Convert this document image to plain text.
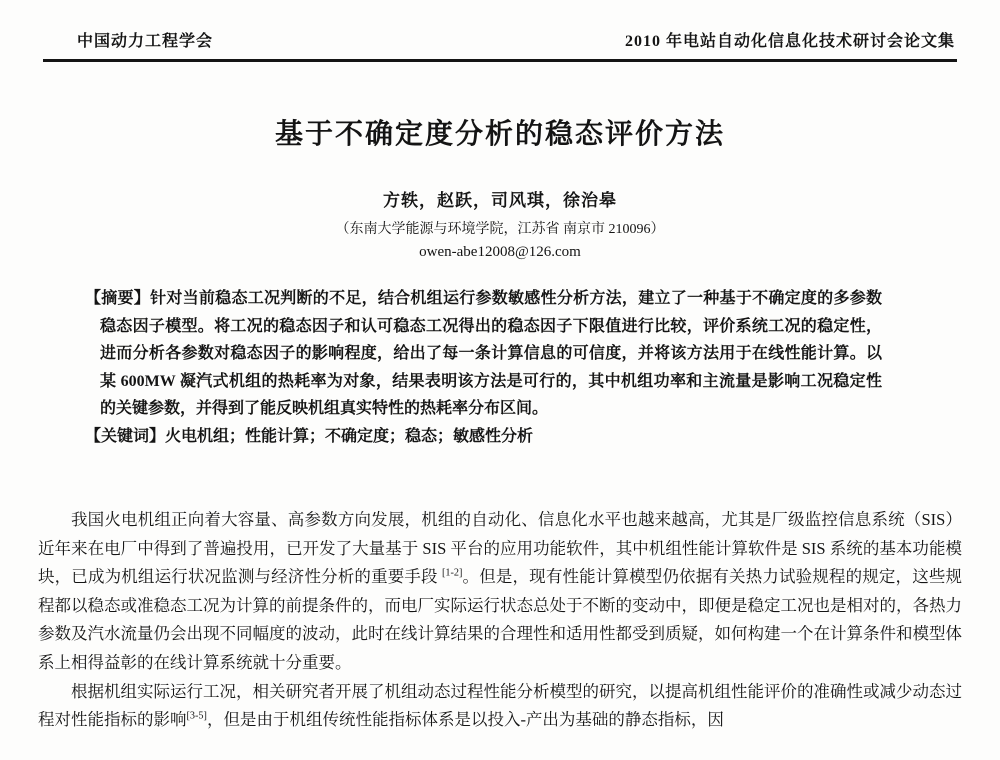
中国动力工程学会	2010 年电站自动化信息化技术研讨会论文集
基于不确定度分析的稳态评价方法
方轶，赵跃，司风琪，徐治皋
（东南大学能源与环境学院，江苏省 南京市 210096）
owen-abe12008@126.com
【摘要】针对当前稳态工况判断的不足，结合机组运行参数敏感性分析方法，建立了一种基于不确定度的多参数稳态因子模型。将工况的稳态因子和认可稳态工况得出的稳态因子下限值进行比较，评价系统工况的稳定性，进而分析各参数对稳态因子的影响程度，给出了每一条计算信息的可信度，并将该方法用于在线性能计算。以某 600MW 凝汽式机组的热耗率为对象，结果表明该方法是可行的，其中机组功率和主流量是影响工况稳定性的关键参数，并得到了能反映机组真实特性的热耗率分布区间。
【关键词】火电机组；性能计算；不确定度；稳态；敏感性分析

我国火电机组正向着大容量、高参数方向发展，机组的自动化、信息化水平也越来越高，尤其是厂级监控信息系统（SIS）近年来在电厂中得到了普遍投用，已开发了大量基于 SIS 平台的应用功能软件，其中机组性能计算软件是 SIS 系统的基本功能模块，已成为机组运行状况监测与经济性分析的重要手段 [1-2]。但是，现有性能计算模型仍依据有关热力试验规程的规定，这些规程都以稳态或准稳态工况为计算的前提条件的，而电厂实际运行状态总处于不断的变动中，即便是稳定工况也是相对的，各热力参数及汽水流量仍会出现不同幅度的波动，此时在线计算结果的合理性和适用性都受到质疑，如何构建一个在计算条件和模型体系上相得益彰的在线计算系统就十分重要。

根据机组实际运行工况，相关研究者开展了机组动态过程性能分析模型的研究，以提高机组性能评价的准确性或减少动态过程对性能指标的影响[3-5]，但是由于机组传统性能指标体系是以投入-产出为基础的静态指标，因
